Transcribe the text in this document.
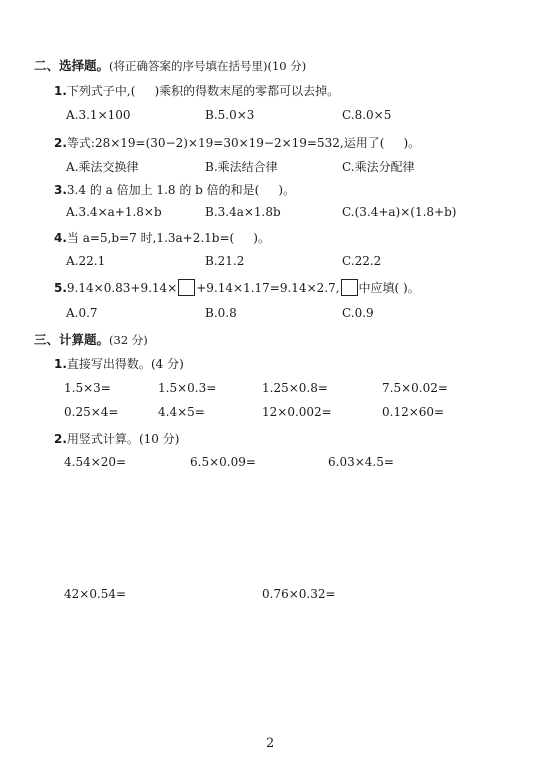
二、选择题。(将正确答案的序号填在括号里)(10 分)
1.下列式子中,( )乘积的得数末尾的零都可以去掉。
A.3.1×100	B.5.0×3	C.8.0×5
2.等式:28×19=(30−2)×19=30×19−2×19=532,运用了( )。
A.乘法交换律	B.乘法结合律	C.乘法分配律
3.3.4 的 a 倍加上 1.8 的 b 倍的和是( )。
A.3.4×a+1.8×b	B.3.4a×1.8b	C.(3.4+a)×(1.8+b)
4.当 a=5,b=7 时,1.3a+2.1b=( )。
A.22.1	B.21.2	C.22.2
5.9.14×0.83+9.14× +9.14×1.17=9.14×2.7, 中应填( )。
A.0.7	B.0.8	C.0.9
三、计算题。(32 分)
1.直接写出得数。(4 分)
1.5×3=	1.5×0.3=	1.25×0.8=	7.5×0.02=
0.25×4=	4.4×5=	12×0.002=	0.12×60=
2.用竖式计算。(10 分)
4.54×20=	6.5×0.09=	6.03×4.5=
42×0.54=	0.76×0.32=
2
